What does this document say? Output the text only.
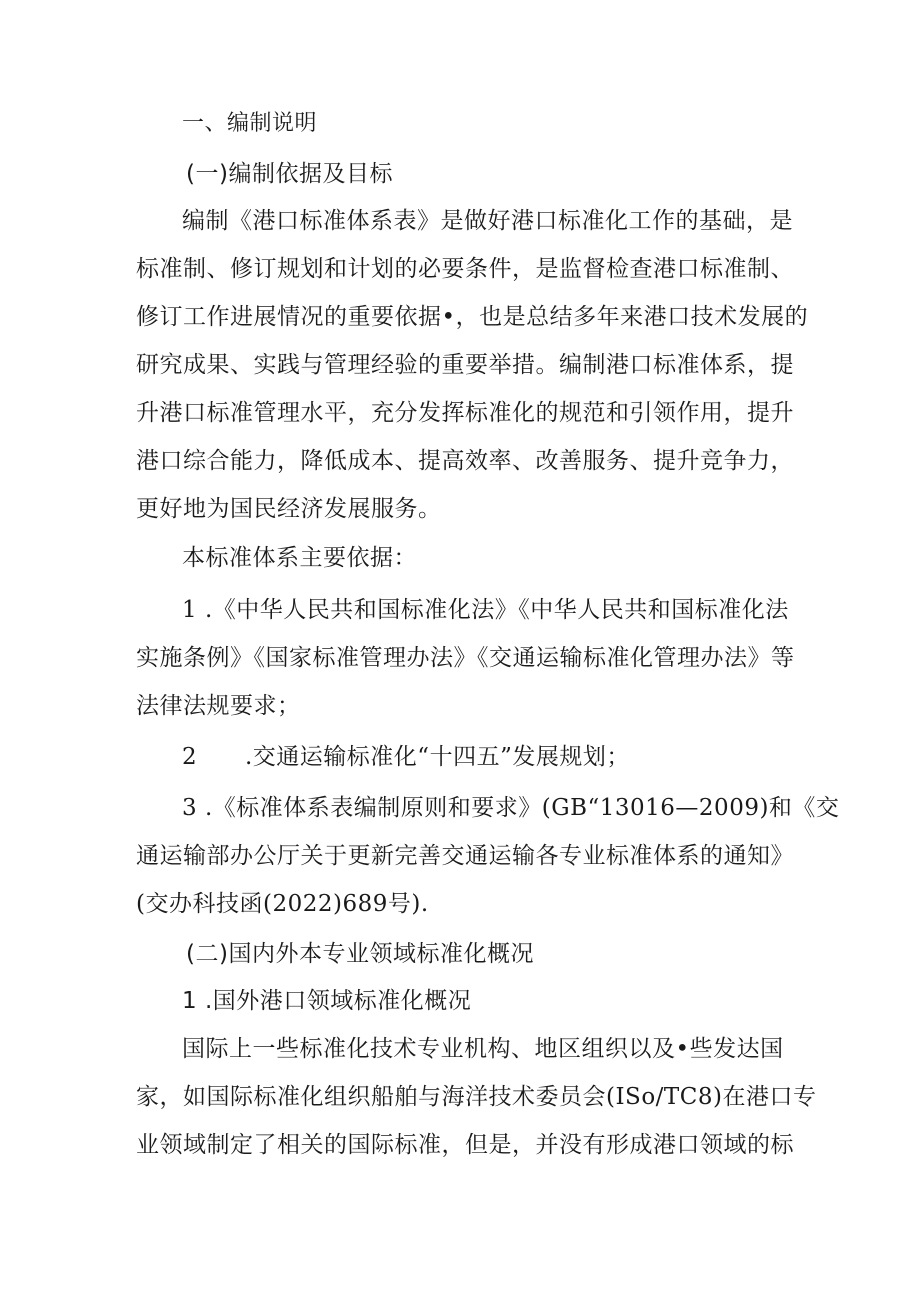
一、编制说明
(一)编制依据及目标
编制《港口标准体系表》是做好港口标准化工作的基础，是
标准制、修订规划和计划的必要条件，是监督检查港口标准制、
修订工作进展情况的重要依据•，也是总结多年来港口技术发展的
研究成果、实践与管理经验的重要举措。编制港口标准体系，提
升港口标准管理水平，充分发挥标准化的规范和引领作用，提升
港口综合能力，降低成本、提高效率、改善服务、提升竞争力，
更好地为国民经济发展服务。
本标准体系主要依据：
1 .《中华人民共和国标准化法》《中华人民共和国标准化法
实施条例》《国家标准管理办法》《交通运输标准化管理办法》等
法律法规要求；
2 .交通运输标准化“十四五”发展规划；
3 .《标准体系表编制原则和要求》(GB“13016—2009)和《交
通运输部办公厅关于更新完善交通运输各专业标准体系的通知》
(交办科技函(2022)689号).
(二)国内外本专业领域标准化概况
1 .国外港口领域标准化概况
国际上一些标准化技术专业机构、地区组织以及•些发达国
家，如国际标准化组织船舶与海洋技术委员会(ISo/TC8)在港口专
业领域制定了相关的国际标准，但是，并没有形成港口领域的标
